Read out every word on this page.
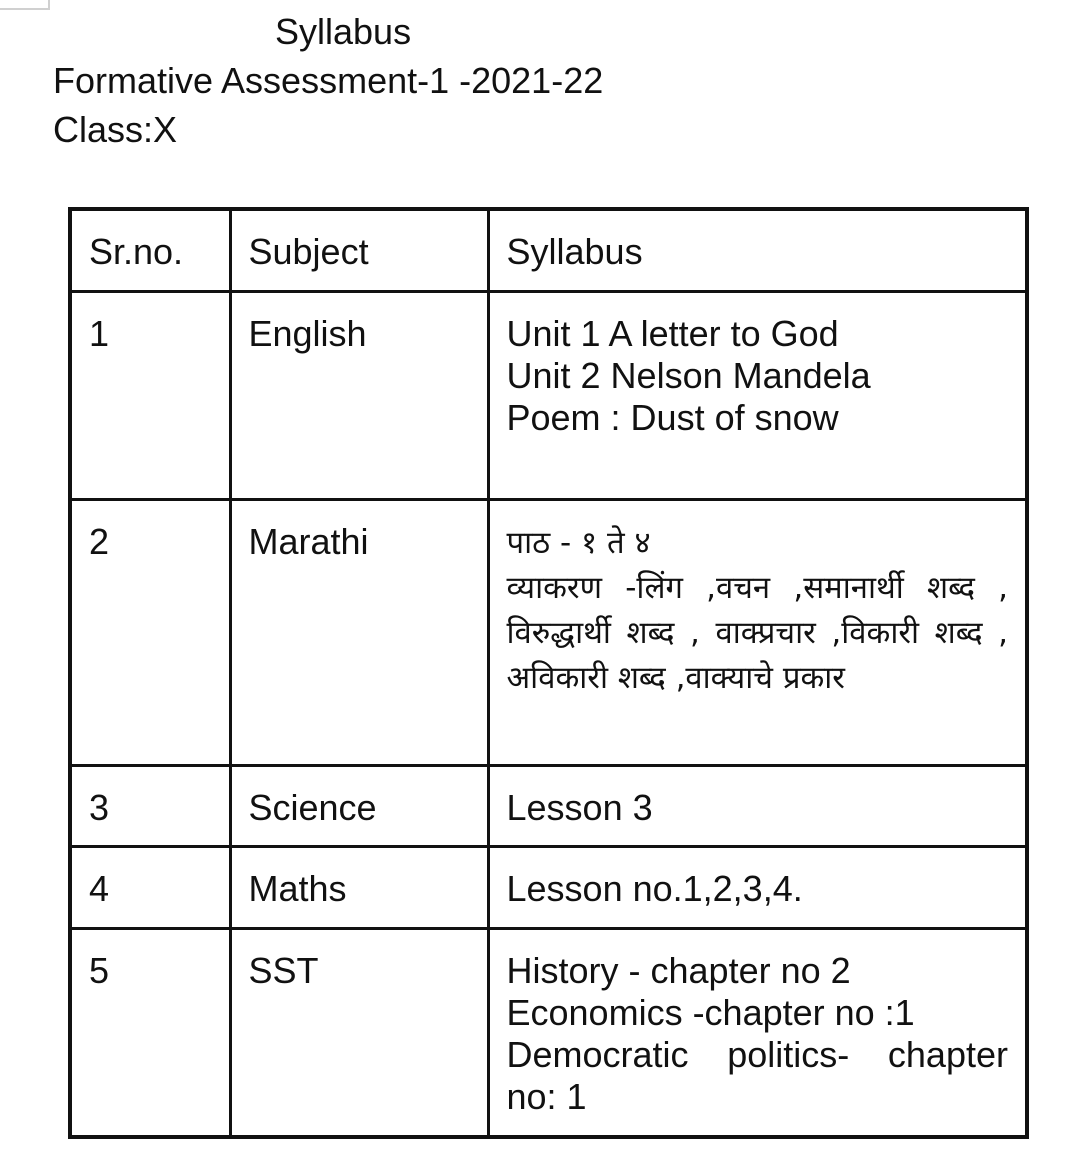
Syllabus
Formative Assessment-1 -2021-22
Class:X
Sr.no.	Subject	Syllabus
1	English	Unit 1 A letter to God
Unit 2 Nelson Mandela
Poem : Dust of snow

2	Marathi	पाठ - १ ते ४
व्याकरण -लिंग ,वचन ,समानार्थी शब्द , विरुद्धार्थी शब्द , वाक्प्रचार ,विकारी शब्द , अविकारी शब्द ,वाक्याचे प्रकार

3	Science	Lesson 3

4	Maths	Lesson no.1,2,3,4.

5	SST	History - chapter no 2
Economics -chapter no :1
Democratic politics- chapter no: 1
